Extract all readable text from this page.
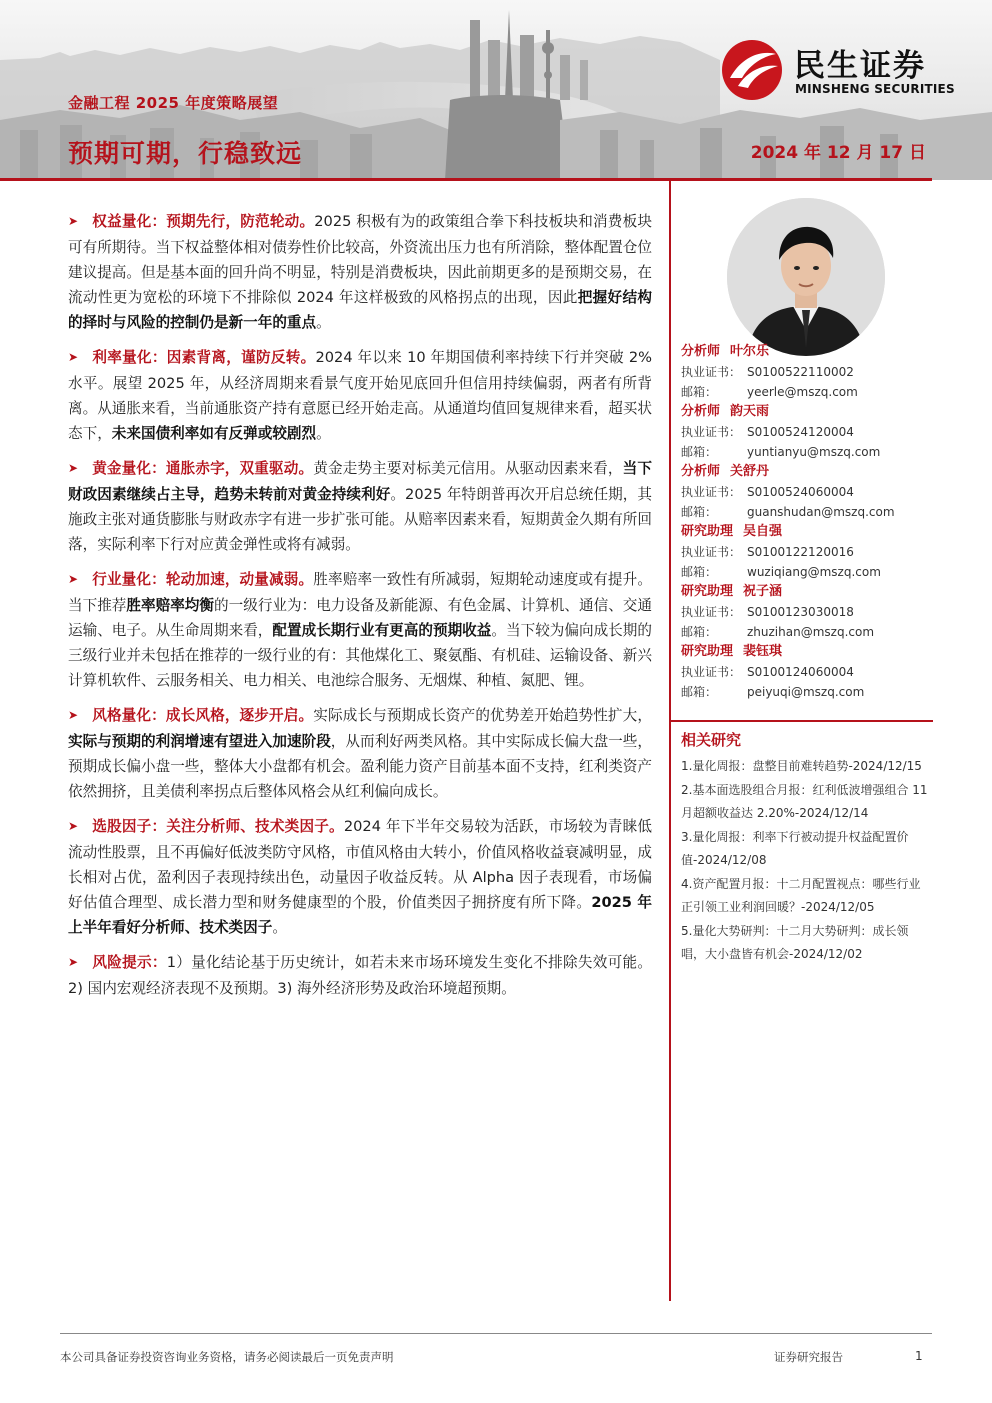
民生证券
MINSHENG SECURITIES
金融工程 2025 年度策略展望
预期可期，行稳致远	2024 年 12 月 17 日

➤ 权益量化：预期先行，防范轮动。2025 积极有为的政策组合拳下科技板块和消费板块可有所期待。当下权益整体相对债券性价比较高，外资流出压力也有所消除，整体配置仓位建议提高。但是基本面的回升尚不明显，特别是消费板块，因此前期更多的是预期交易，在流动性更为宽松的环境下不排除似 2024 年这样极致的风格拐点的出现，因此把握好结构的择时与风险的控制仍是新一年的重点。

➤ 利率量化：因素背离，谨防反转。2024 年以来 10 年期国债利率持续下行并突破 2%水平。展望 2025 年，从经济周期来看景气度开始见底回升但信用持续偏弱，两者有所背离。从通胀来看，当前通胀资产持有意愿已经开始走高。从通道均值回复规律来看，超买状态下，未来国债利率如有反弹或较剧烈。

➤ 黄金量化：通胀赤字，双重驱动。黄金走势主要对标美元信用。从驱动因素来看，当下财政因素继续占主导，趋势未转前对黄金持续利好。2025 年特朗普再次开启总统任期，其施政主张对通货膨胀与财政赤字有进一步扩张可能。从赔率因素来看，短期黄金久期有所回落，实际利率下行对应黄金弹性或将有减弱。

➤ 行业量化：轮动加速，动量减弱。胜率赔率一致性有所减弱，短期轮动速度或有提升。当下推荐胜率赔率均衡的一级行业为：电力设备及新能源、有色金属、计算机、通信、交通运输、电子。从生命周期来看，配置成长期行业有更高的预期收益。当下较为偏向成长期的三级行业并未包括在推荐的一级行业的有：其他煤化工、聚氨酯、有机硅、运输设备、新兴计算机软件、云服务相关、电力相关、电池综合服务、无烟煤、种植、氮肥、锂。

➤ 风格量化：成长风格，逐步开启。实际成长与预期成长资产的优势差开始趋势性扩大，实际与预期的利润增速有望进入加速阶段，从而利好两类风格。其中实际成长偏大盘一些，预期成长偏小盘一些，整体大小盘都有机会。盈利能力资产目前基本面不支持，红利类资产依然拥挤，且美债利率拐点后整体风格会从红利偏向成长。

➤ 选股因子：关注分析师、技术类因子。2024 年下半年交易较为活跃，市场较为青睐低流动性股票，且不再偏好低波类防守风格，市值风格由大转小，价值风格收益衰减明显，成长相对占优，盈利因子表现持续出色，动量因子收益反转。从 Alpha 因子表现看，市场偏好估值合理型、成长潜力型和财务健康型的个股，价值类因子拥挤度有所下降。2025 年上半年看好分析师、技术类因子。

➤ 风险提示：1）量化结论基于历史统计，如若未来市场环境发生变化不排除失效可能。2) 国内宏观经济表现不及预期。3) 海外经济形势及政治环境超预期。

分析师 叶尔乐
执业证书： S0100522110002
邮箱： yeerle@mszq.com
分析师 韵天雨
执业证书： S0100524120004
邮箱： yuntianyu@mszq.com
分析师 关舒丹
执业证书： S0100524060004
邮箱： guanshudan@mszq.com
研究助理 吴自强
执业证书： S0100122120016
邮箱： wuziqiang@mszq.com
研究助理 祝子涵
执业证书： S0100123030018
邮箱： zhuzihan@mszq.com
研究助理 裴钰琪
执业证书： S0100124060004
邮箱： peiyuqi@mszq.com
相关研究
1.量化周报：盘整目前难转趋势-2024/12/15
2.基本面选股组合月报：红利低波增强组合 11 月超额收益达 2.20%-2024/12/14
3.量化周报：利率下行被动提升权益配置价值-2024/12/08
4.资产配置月报：十二月配置视点：哪些行业正引领工业利润回暖？-2024/12/05
5.量化大势研判：十二月大势研判：成长领唱，大小盘皆有机会-2024/12/02
本公司具备证券投资咨询业务资格，请务必阅读最后一页免责声明	证券研究报告	1
